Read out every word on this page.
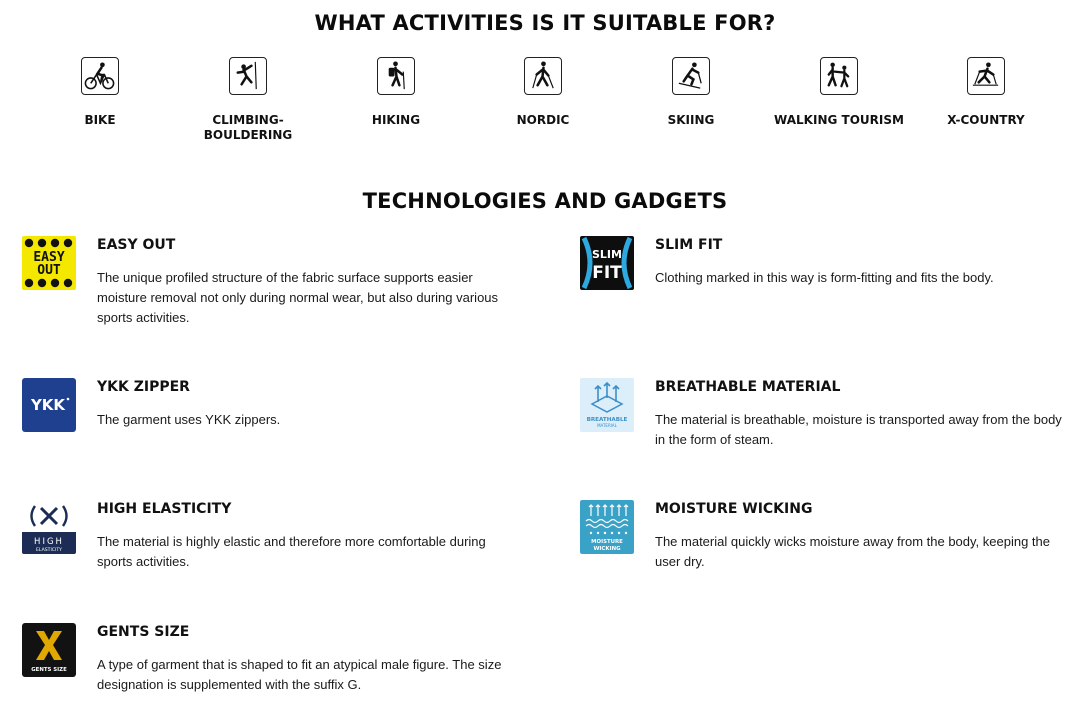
WHAT ACTIVITIES IS IT SUITABLE FOR?
BIKE	CLIMBING-
BOULDERING
HIKING	NORDIC	SKIING	WALKING TOURISM	X-COUNTRY
TECHNOLOGIES AND GADGETS
EASY
OUT
EASY OUT
The unique profiled structure of the fabric surface supports easier moisture removal not only during normal wear, but also during various sports activities.
SLIM
FIT
SLIM FIT
Clothing marked in this way is form-fitting and fits the body.
YKK
YKK ZIPPER
The garment uses YKK zippers.	BREATHABLE
MATERIAL
BREATHABLE MATERIAL
The material is breathable, moisture is transported away from the body in the form of steam.
HIGH
ELASTICITY
HIGH ELASTICITY
The material is highly elastic and therefore more comfortable during sports activities.
MOISTURE
WICKING
MOISTURE WICKING
The material quickly wicks moisture away from the body, keeping the user dry.
GENTS SIZE
GENTS SIZE
A type of garment that is shaped to fit an atypical male figure. The size designation is supplemented with the suffix G.
